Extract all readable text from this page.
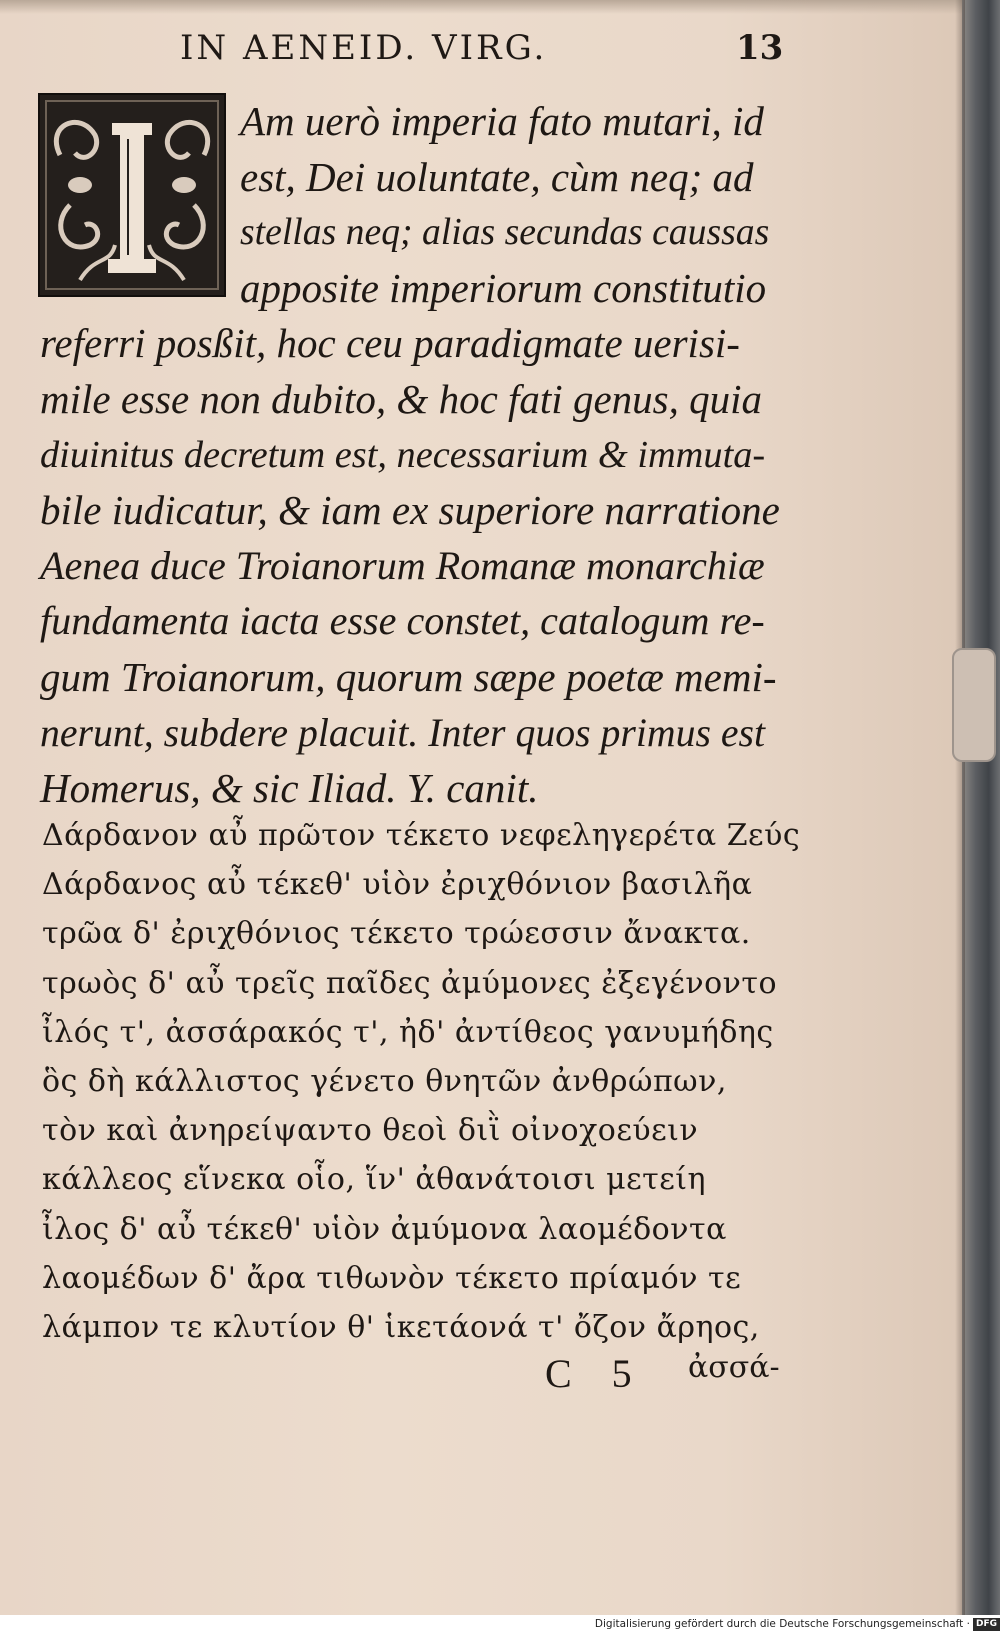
IN AENEID. VIRG.	13
Am uerò imperia fato mutari, id
est, Dei uoluntate, cùm neq; ad
stellas neq; alias secundas caussas
apposite imperiorum constitutio
referri posßit, hoc ceu paradigmate uerisi-
mile esse non dubito, & hoc fati genus, quia
diuinitus decretum est, necessarium & immuta-
bile iudicatur, & iam ex superiore narratione
Aenea duce Troianorum Romanæ monarchiæ
fundamenta iacta esse constet, catalogum re-
gum Troianorum, quorum sæpe poetæ memi-
nerunt, subdere placuit. Inter quos primus est
Homerus, & sic Iliad. Y. canit.
Δάρδανον αὖ πρῶτον τέκετο νεφεληγερέτα Ζεύς
Δάρδανος αὖ τέκεθ' υἱὸν ἐριχθόνιον βασιλῆα
τρῶα δ' ἐριχθόνιος τέκετο τρώεσσιν ἄνακτα.
τρωὸς δ' αὖ τρεῖς παῖδες ἀμύμονες ἐξεγένοντο
ἶλός τ', ἀσσάρακός τ', ἠδ' ἀντίθεος γανυμήδης
ὃς δὴ κάλλιστος γένετο θνητῶν ἀνθρώπων,
τὸν καὶ ἀνηρείψαντο θεοὶ διῒ οἰνοχοεύειν
κάλλεος εἵνεκα οἷο, ἵν' ἀθανάτοισι μετείη
ἶλος δ' αὖ τέκεθ' υἱὸν ἀμύμονα λαομέδοντα
λαομέδων δ' ἄρα τιθωνὸν τέκετο πρίαμόν τε
λάμπον τε κλυτίον θ' ἱκετάονά τ' ὄζον ἄρηος,
C 5	ἀσσά-
Digitalisierung gefördert durch die Deutsche Forschungsgemeinschaft · DFG
